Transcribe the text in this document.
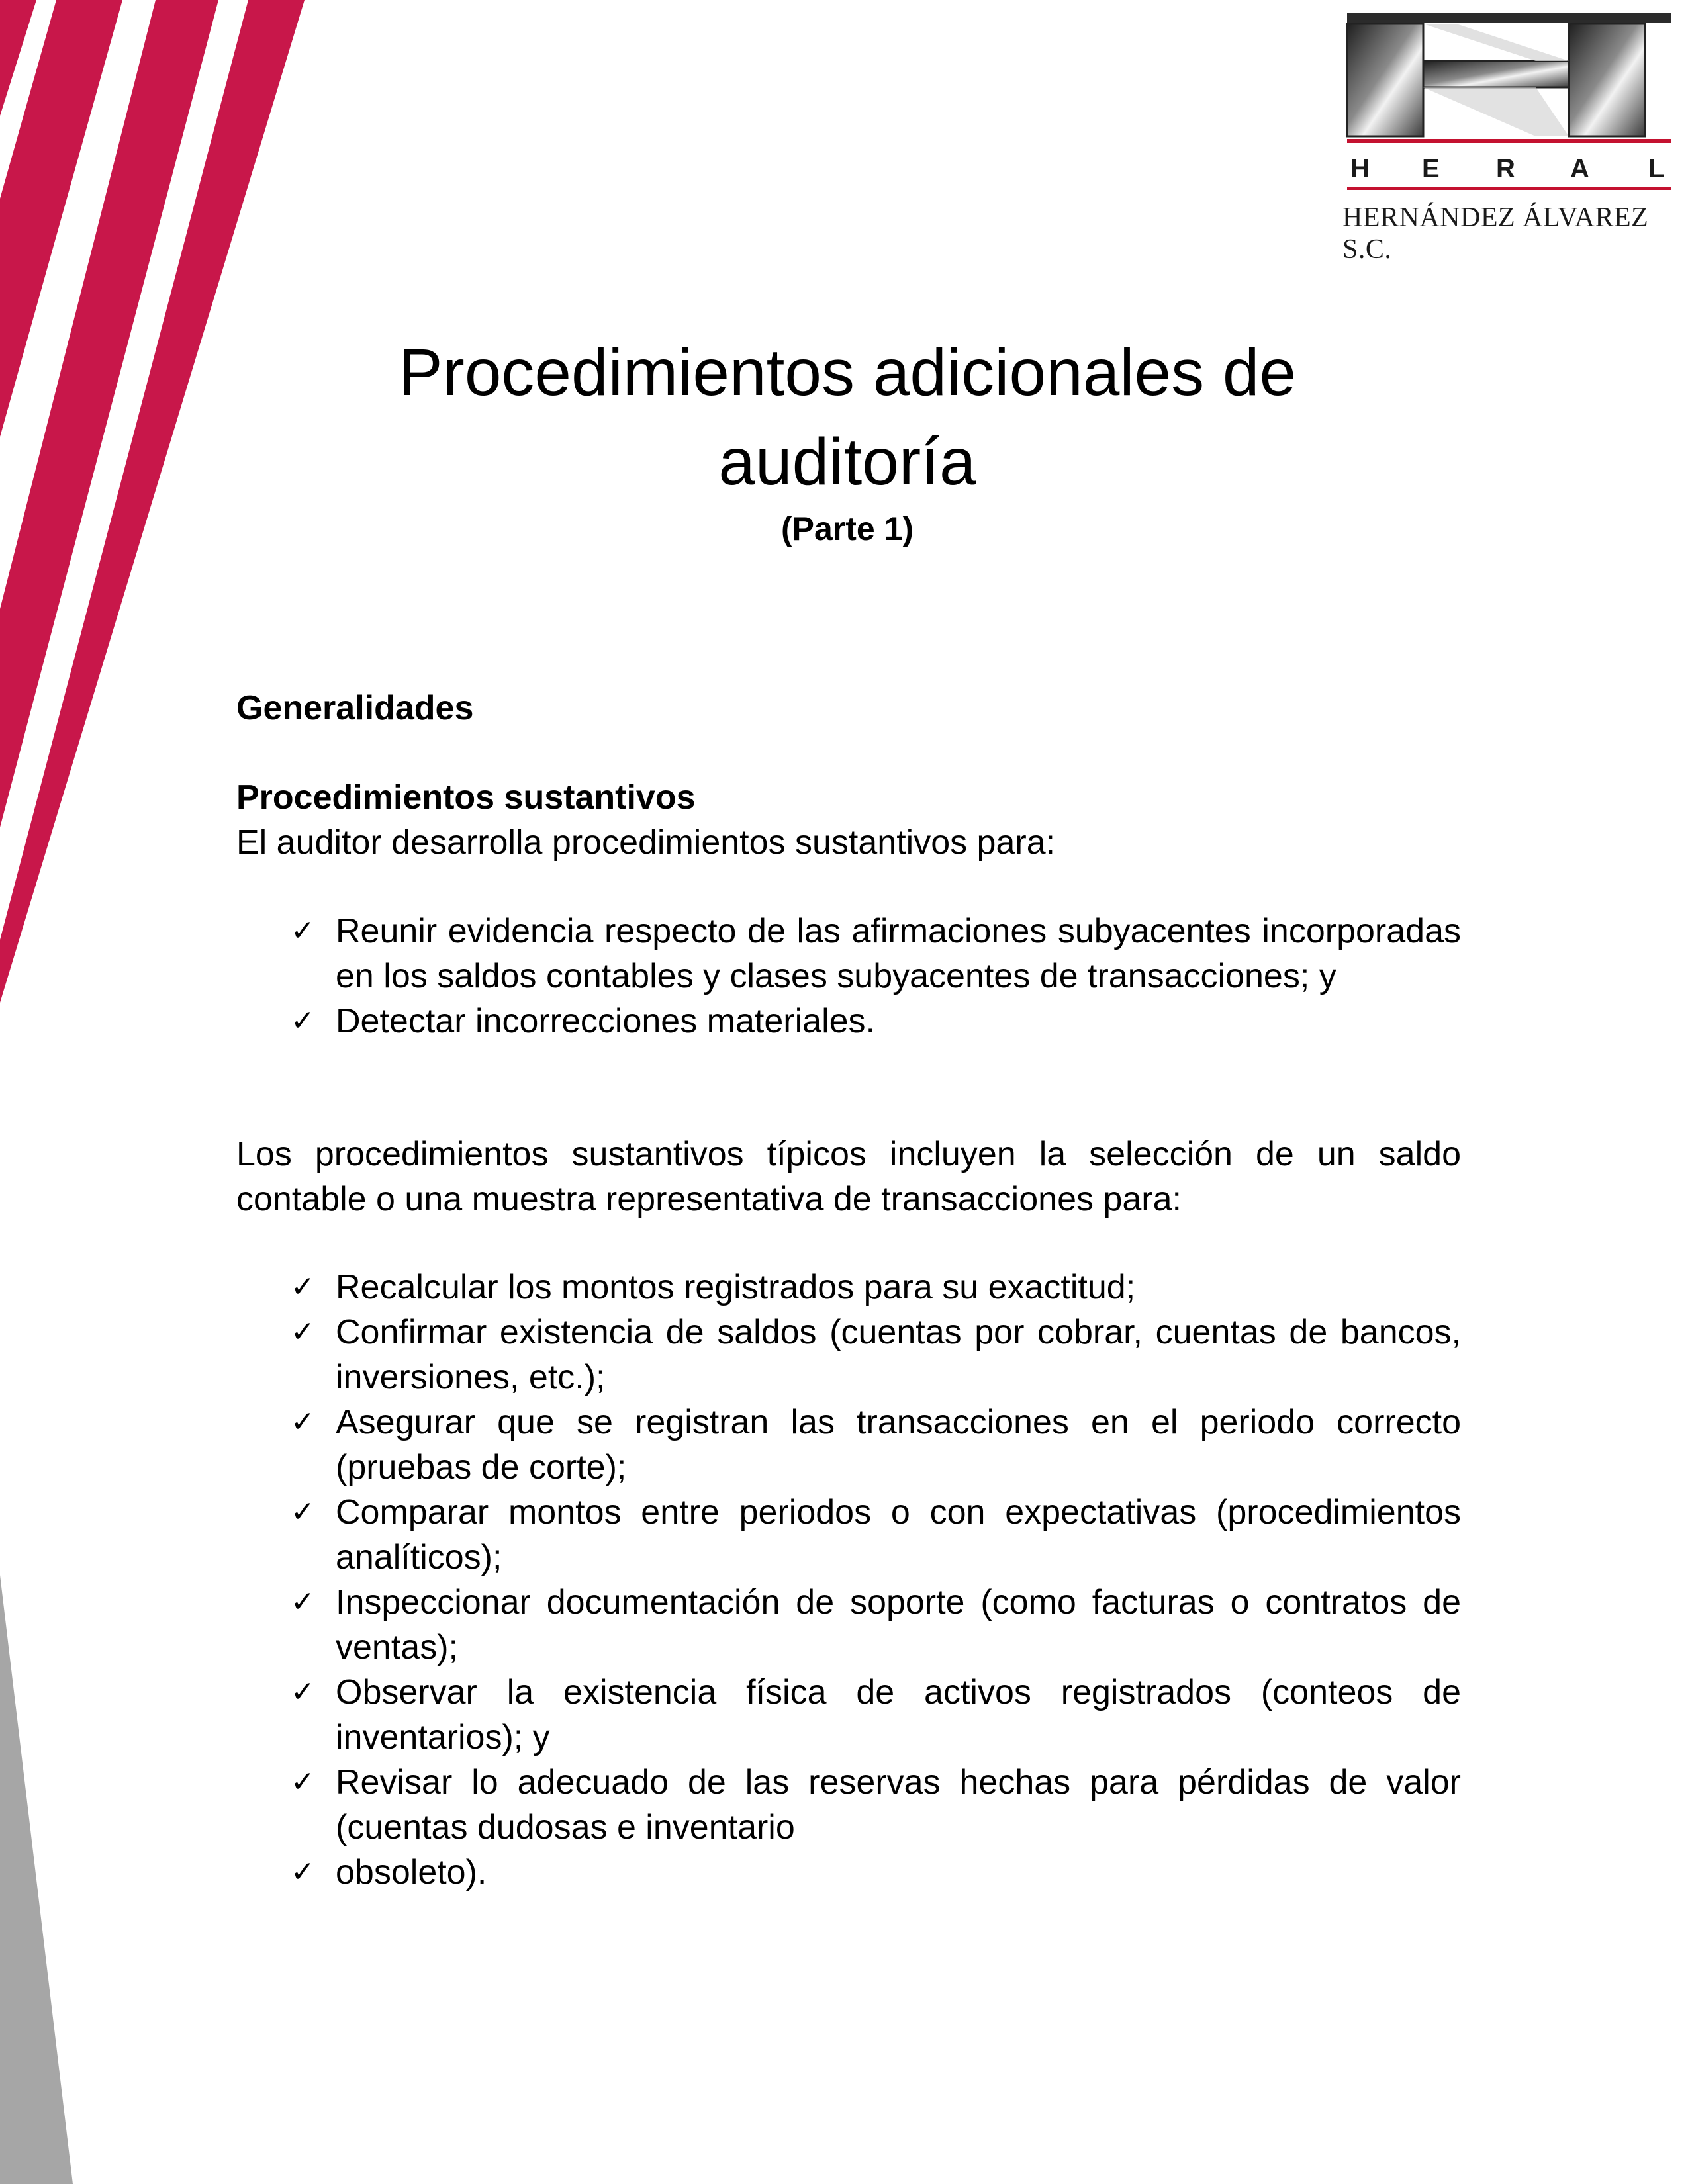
H E R A L
HERNÁNDEZ ÁLVAREZ S.C.
Procedimientos adicionales de
auditoría
(Parte 1)
Generalidades
Procedimientos sustantivos
El auditor desarrolla procedimientos sustantivos para:
✓ Reunir evidencia respecto de las afirmaciones subyacentes incorporadas en los saldos contables y clases subyacentes de transacciones; y
✓ Detectar incorrecciones materiales.
Los procedimientos sustantivos típicos incluyen la selección de un saldo contable o una muestra representativa de transacciones para:
✓ Recalcular los montos registrados para su exactitud;
✓ Confirmar existencia de saldos (cuentas por cobrar, cuentas de bancos, inversiones, etc.);
✓ Asegurar que se registran las transacciones en el periodo correcto (pruebas de corte);
✓ Comparar montos entre periodos o con expectativas (procedimientos analíticos);
✓ Inspeccionar documentación de soporte (como facturas o contratos de ventas);
✓ Observar la existencia física de activos registrados (conteos de inventarios); y
✓ Revisar lo adecuado de las reservas hechas para pérdidas de valor (cuentas dudosas e inventario
✓ obsoleto).
